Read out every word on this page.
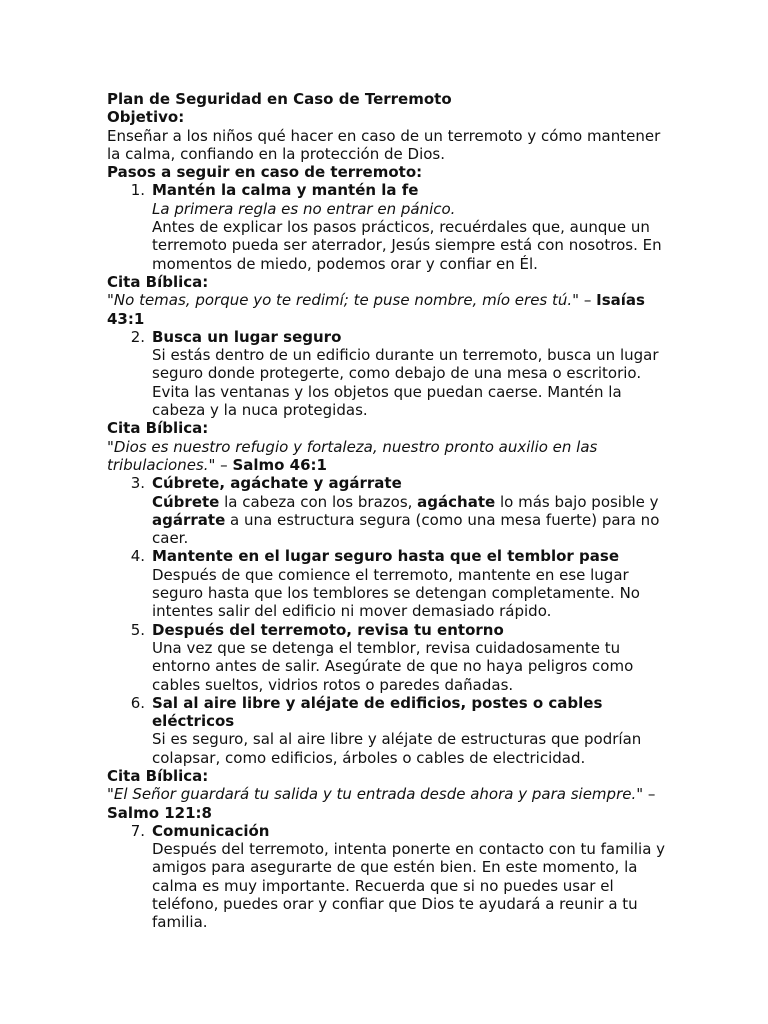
Plan de Seguridad en Caso de Terremoto

Objetivo:

Enseñar a los niños qué hacer en caso de un terremoto y cómo mantener la calma, confiando en la protección de Dios.

Pasos a seguir en caso de terremoto:

1. Mantén la calma y mantén la fe
La primera regla es no entrar en pánico.
Antes de explicar los pasos prácticos, recuérdales que, aunque un terremoto pueda ser aterrador, Jesús siempre está con nosotros. En momentos de miedo, podemos orar y confiar en Él.

Cita Bíblica:

"No temas, porque yo te redimí; te puse nombre, mío eres tú." – Isaías 43:1

2. Busca un lugar seguro
Si estás dentro de un edificio durante un terremoto, busca un lugar seguro donde protegerte, como debajo de una mesa o escritorio. Evita las ventanas y los objetos que puedan caerse. Mantén la cabeza y la nuca protegidas.

Cita Bíblica:

"Dios es nuestro refugio y fortaleza, nuestro pronto auxilio en las tribulaciones." – Salmo 46:1

3. Cúbrete, agáchate y agárrate
Cúbrete la cabeza con los brazos, agáchate lo más bajo posible y agárrate a una estructura segura (como una mesa fuerte) para no caer.
4. Mantente en el lugar seguro hasta que el temblor pase
Después de que comience el terremoto, mantente en ese lugar seguro hasta que los temblores se detengan completamente. No intentes salir del edificio ni mover demasiado rápido.
5. Después del terremoto, revisa tu entorno
Una vez que se detenga el temblor, revisa cuidadosamente tu entorno antes de salir. Asegúrate de que no haya peligros como cables sueltos, vidrios rotos o paredes dañadas.
6. Sal al aire libre y aléjate de edificios, postes o cables eléctricos
Si es seguro, sal al aire libre y aléjate de estructuras que podrían colapsar, como edificios, árboles o cables de electricidad.

Cita Bíblica:

"El Señor guardará tu salida y tu entrada desde ahora y para siempre." – Salmo 121:8

7. Comunicación
Después del terremoto, intenta ponerte en contacto con tu familia y amigos para asegurarte de que estén bien. En este momento, la calma es muy importante. Recuerda que si no puedes usar el teléfono, puedes orar y confiar que Dios te ayudará a reunir a tu familia.
